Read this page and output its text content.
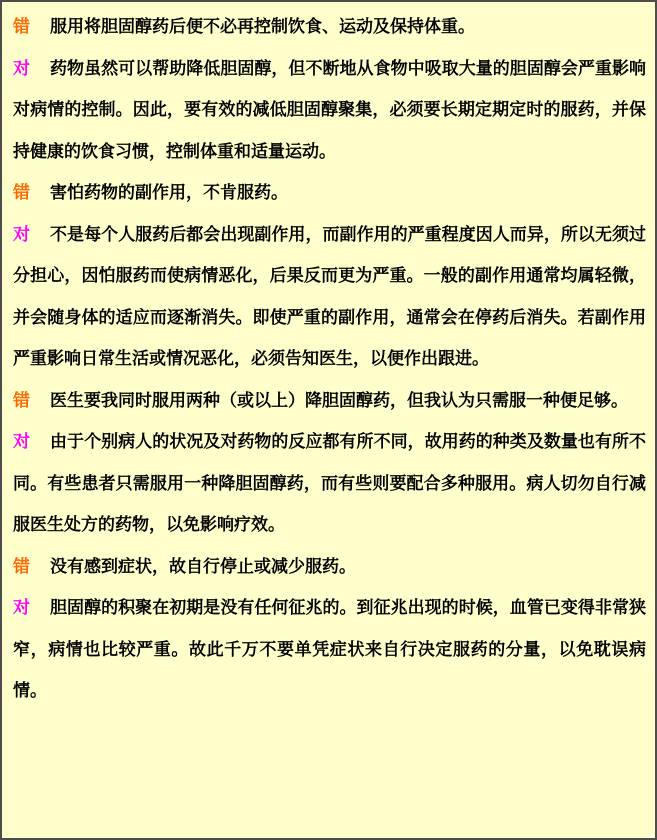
错 服用将胆固醇药后便不必再控制饮食、运动及保持体重。

对 药物虽然可以帮助降低胆固醇，但不断地从食物中吸取大量的胆固醇会严重影响对病情的控制。因此，要有效的减低胆固醇聚集，必须要长期定期定时的服药，并保持健康的饮食习惯，控制体重和适量运动。

错 害怕药物的副作用，不肯服药。

对 不是每个人服药后都会出现副作用，而副作用的严重程度因人而异，所以无须过分担心，因怕服药而使病情恶化，后果反而更为严重。一般的副作用通常均属轻微，并会随身体的适应而逐渐消失。即使严重的副作用，通常会在停药后消失。若副作用严重影响日常生活或情况恶化，必须告知医生，以便作出跟进。

错 医生要我同时服用两种（或以上）降胆固醇药，但我认为只需服一种便足够。

对 由于个别病人的状况及对药物的反应都有所不同，故用药的种类及数量也有所不同。有些患者只需服用一种降胆固醇药，而有些则要配合多种服用。病人切勿自行减服医生处方的药物，以免影响疗效。

错 没有感到症状，故自行停止或减少服药。

对 胆固醇的积聚在初期是没有任何征兆的。到征兆出现的时候，血管已变得非常狭窄，病情也比较严重。故此千万不要单凭症状来自行决定服药的分量，以免耽误病情。
